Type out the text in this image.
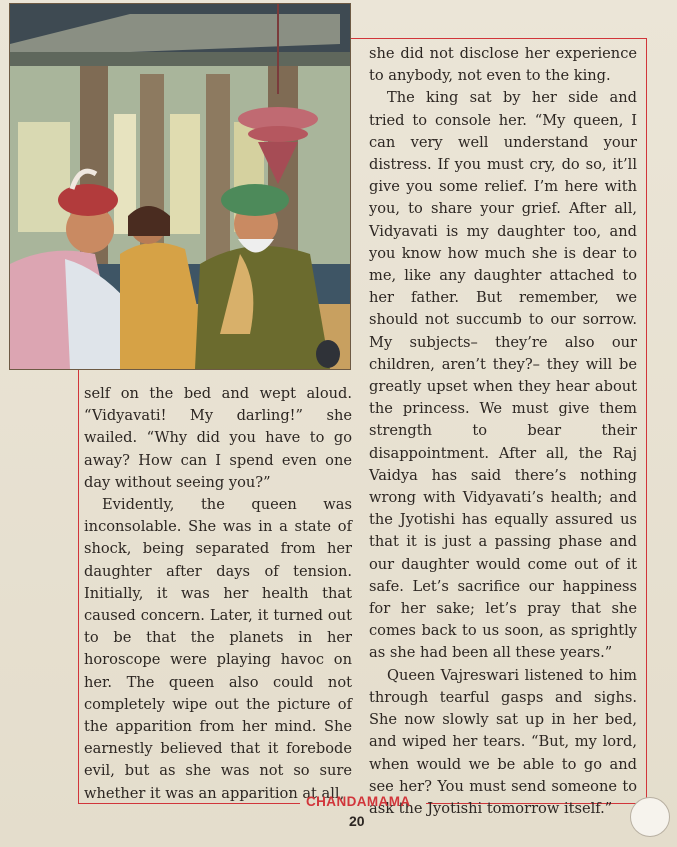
self on the bed and wept aloud. “Vidyavati! My darling!” she wailed. “Why did you have to go away? How can I spend even one day without seeing you?”

Evidently, the queen was inconsolable. She was in a state of shock, being separated from her daughter after days of tension. Initially, it was her health that caused concern. Later, it turned out to be that the planets in her horoscope were playing havoc on her. The queen also could not completely wipe out the picture of the apparition from her mind. She earnestly believed that it forebode evil, but as she was not so sure whether it was an apparition at all,

she did not disclose her experience to anybody, not even to the king.

The king sat by her side and tried to console her. “My queen, I can very well understand your distress. If you must cry, do so, it’ll give you some relief. I’m here with you, to share your grief. After all, Vidyavati is my daughter too, and you know how much she is dear to me, like any daughter attached to her father. But remember, we should not succumb to our sorrow. My subjects– they’re also our children, aren’t they?– they will be greatly upset when they hear about the princess. We must give them strength to bear their disappointment. After all, the Raj Vaidya has said there’s nothing wrong with Vidyavati’s health; and the Jyotishi has equally assured us that it is just a passing phase and our daughter would come out of it safe. Let’s sacrifice our happiness for her sake; let’s pray that she comes back to us soon, as sprightly as she had been all these years.”

Queen Vajreswari listened to him through tearful gasps and sighs. She now slowly sat up in her bed, and wiped her tears. “But, my lord, when would we be able to go and see her? You must send someone to ask the Jyotishi tomorrow itself.”

CHANDAMAMA
20
